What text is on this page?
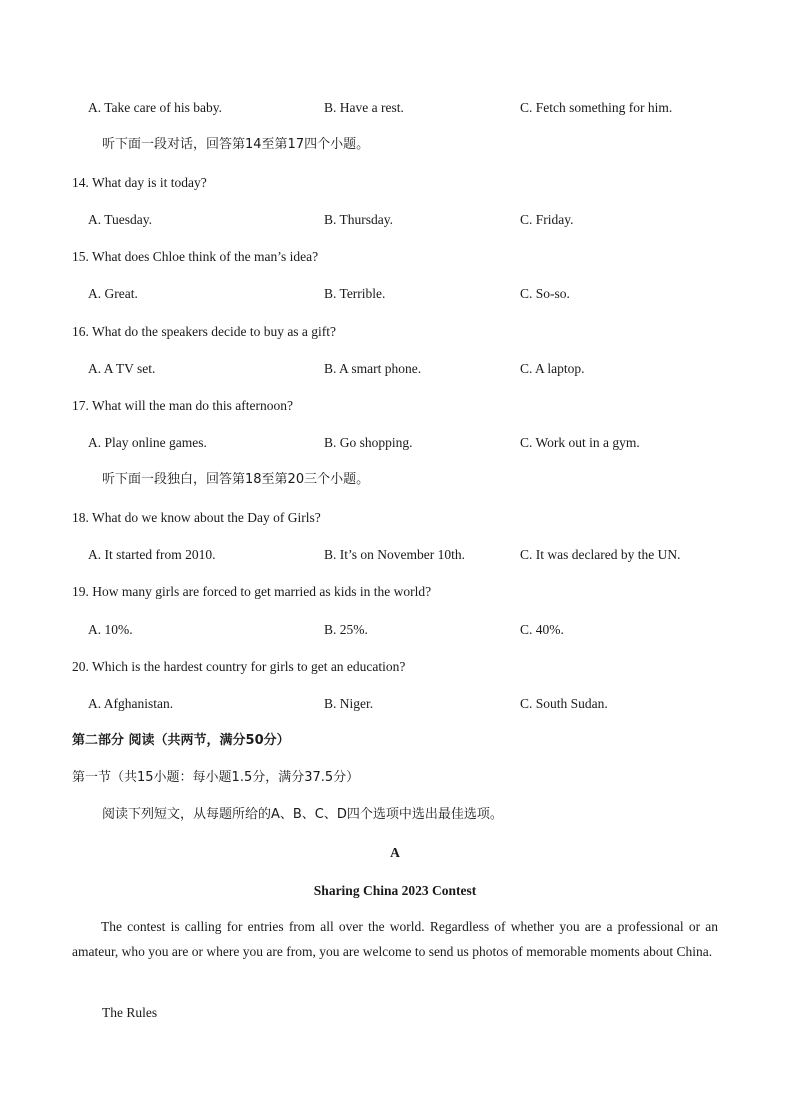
A. Take care of his baby.	B. Have a rest.	C. Fetch something for him.
听下面一段对话，回答第14至第17四个小题。
14. What day is it today?
A. Tuesday.	B. Thursday.	C. Friday.
15. What does Chloe think of the man’s idea?
A. Great.	B. Terrible.	C. So-so.
16. What do the speakers decide to buy as a gift?
A. A TV set.	B. A smart phone.	C. A laptop.
17. What will the man do this afternoon?
A. Play online games.	B. Go shopping.	C. Work out in a gym.
听下面一段独白，回答第18至第20三个小题。
18. What do we know about the Day of Girls?
A. It started from 2010.	B. It’s on November 10th.	C. It was declared by the UN.
19. How many girls are forced to get married as kids in the world?
A. 10%.	B. 25%.	C. 40%.
20. Which is the hardest country for girls to get an education?
A. Afghanistan.	B. Niger.	C. South Sudan.
第二部分 阅读（共两节，满分50分）
第一节（共15小题：每小题1.5分，满分37.5分）
阅读下列短文，从每题所给的A、B、C、D四个选项中选出最佳选项。
A
Sharing China 2023 Contest
The contest is calling for entries from all over the world. Regardless of whether you are a professional or an amateur, who you are or where you are from, you are welcome to send us photos of memorable moments about China.
The Rules
